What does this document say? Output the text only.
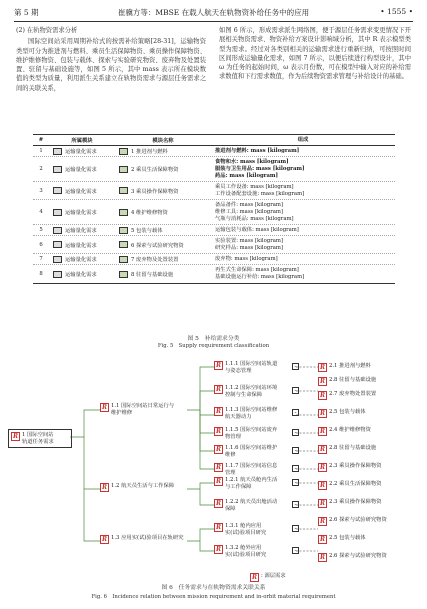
第 5 期	崔骥方等：MBSE 在载人航天在轨物资补给任务中的应用	• 1555 •
(2) 在轨物资需求分析
国际空间站采用周期补给式的按需补给策略[28-31]，运输物资类型可分为推进剂与燃料、乘员生活保障物资、乘员操作保障物资、维护维修物资、包装与载体、探索与实验研究物资、废弃物及处置装置、驻留与基础设施等，如图 5 所示，其中 mass 表示所在模块数值的类型为质量，利用派生关系建立在轨物资需求与源层任务需求之间的关联关系，
如图 6 所示，形成需求派生网络图，便于源层任务需求变更情况下开展相关物资需求、物资补给方案设计影响域分析，其中 R 表示模型类型为需求。经过对各类别相关的运输需求进行重新归纳，可按照时间区间形成运输量化需求，如图 7 所示，以便后续进行构型设计，其中 ω 为任务的起始时间，ω 表示月份数，可在模型中输入对应的补给需求数值和下行需求数值，作为后续物资需求管理与补给设计的基础。
#	所属模块	模块名称	组成
1	运输量化需求	1 推进剂与燃料	推进剂与燃料: mass [kilogram]
2	运输量化需求	2 乘员生活保障物资
食物和水: mass [kilogram]
服装与卫生用品: mass [kilogram]
药品: mass [kilogram]
3	运输量化需求	3 乘员操作保障物资
乘员工作设备: mass [kilogram]
工作设备配套设施: mass [kilogram]
4	运输量化需求	4 维护维修物资
备品备件: mass [kilogram]
维修工具: mass [kilogram]
气瓶与消耗品: mass [kilogram]
5	运输量化需求	5 包装与载体	运输包装与载体: mass [kilogram]
6	运输量化需求	6 探索与试验研究物资
实验装置: mass [kilogram]
研究样品: mass [kilogram]
7	运输量化需求	7 废弃物及处置装置	废弃物: mass [kilogram]
8	运输量化需求	8 驻留与基础设施
再生式生命保障: mass [kilogram]
基础设施运行补给: mass [kilogram]
图 5　补给需求分类
Fig. 5　Supply requirement classification
R 1 国际空间站
轨道任务需求
R 1.1 国际空间站日常运行与
维护维修
R 1.2 航天员生活与工作保障
R 1.3 应用实(试)验项目在轨研究
R 1.1.1 国际空间站轨道
与姿态管理
-
R 1.1.2 国际空间站环境
控制与生命保障
-
R 1.1.3 国际空间站维修
航天器动力
-
R 1.1.5 国际空间站废弃
物管理
-
R 1.1.6 国际空间站维护
维修
-
R 1.1.7 国际空间站信息
管理
-
R 1.2.1 航天员舱内生活
与工作保障
-
R 1.2.2 航天员出舱活动
保障
-
R 1.3.1 舱内应用
实(试)验项目研究
-
R 1.3.2 舱外应用
实(试)验项目研究
-
R 2.1 推进剂与燃料
R 2.8 驻留与基础设施
R 2.7 废弃物处置装置
R 2.5 包装与载体
R 2.4 维护维修物资
R 2.8 驻留与基础设施
R 2.3 乘员操作保障物资
R 2.2 乘员生活保障物资
R 2.3 乘员操作保障物资
R 2.6 探索与试验研究物资
R 2.5 包装与载体
R 2.6 探索与试验研究物资
R : 源层需求
图 6　任务需求与在轨物资需求关联关系
Fig. 6　Incidence relation between mission requirement and in-orbit material requirement
